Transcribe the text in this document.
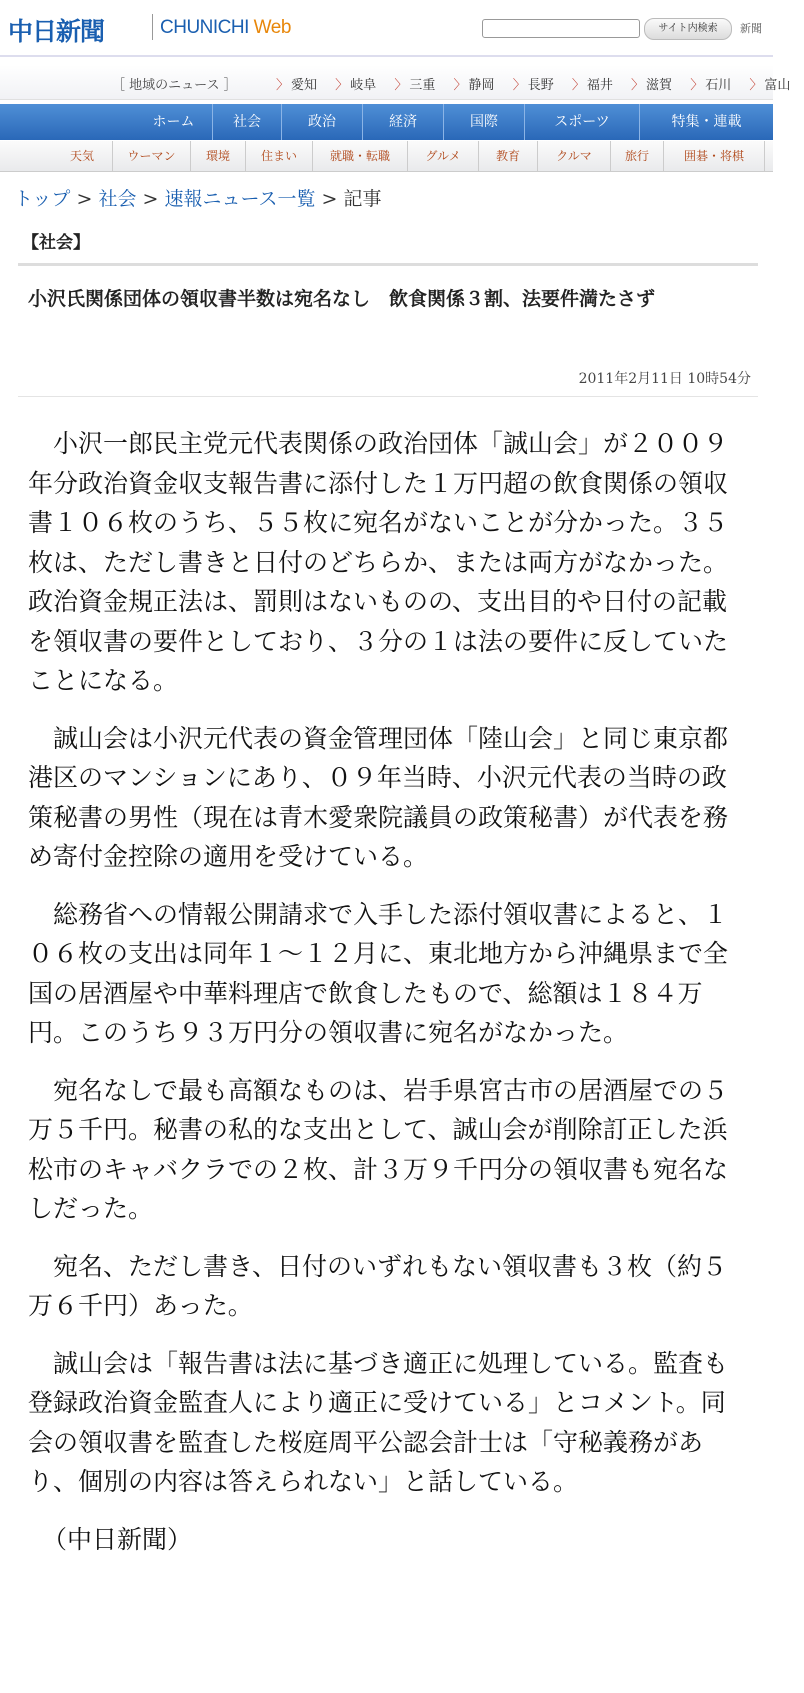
中日新聞	CHUNICHI Web	サイト内検索	新聞
［ 地域のニュース ］	〉 愛知 〉 岐阜 〉 三重 〉 静岡 〉 長野 〉 福井 〉 滋賀 〉 石川 〉 富山
ホーム	社会	政治	経済	国際	スポーツ	特集・連載
天気	ウーマン	環境	住まい	就職・転職	グルメ	教育	クルマ	旅行	囲碁・将棋
トップ > 社会 > 速報ニュース一覧 > 記事
【社会】
小沢氏関係団体の領収書半数は宛名なし　飲食関係３割、法要件満たさず
2011年2月11日 10時54分

小沢一郎民主党元代表関係の政治団体「誠山会」が２００９年分政治資金収支報告書に添付した１万円超の飲食関係の領収書１０６枚のうち、５５枚に宛名がないことが分かった。３５枚は、ただし書きと日付のどちらか、または両方がなかった。政治資金規正法は、罰則はないものの、支出目的や日付の記載を領収書の要件としており、３分の１は法の要件に反していたことになる。

誠山会は小沢元代表の資金管理団体「陸山会」と同じ東京都港区のマンションにあり、０９年当時、小沢元代表の当時の政策秘書の男性（現在は青木愛衆院議員の政策秘書）が代表を務め寄付金控除の適用を受けている。

総務省への情報公開請求で入手した添付領収書によると、１０６枚の支出は同年１～１２月に、東北地方から沖縄県まで全国の居酒屋や中華料理店で飲食したもので、総額は１８４万円。このうち９３万円分の領収書に宛名がなかった。

宛名なしで最も高額なものは、岩手県宮古市の居酒屋での５万５千円。秘書の私的な支出として、誠山会が削除訂正した浜松市のキャバクラでの２枚、計３万９千円分の領収書も宛名なしだった。

宛名、ただし書き、日付のいずれもない領収書も３枚（約５万６千円）あった。

誠山会は「報告書は法に基づき適正に処理している。監査も登録政治資金監査人により適正に受けている」とコメント。同会の領収書を監査した桜庭周平公認会計士は「守秘義務があり、個別の内容は答えられない」と話している。

（中日新聞）
